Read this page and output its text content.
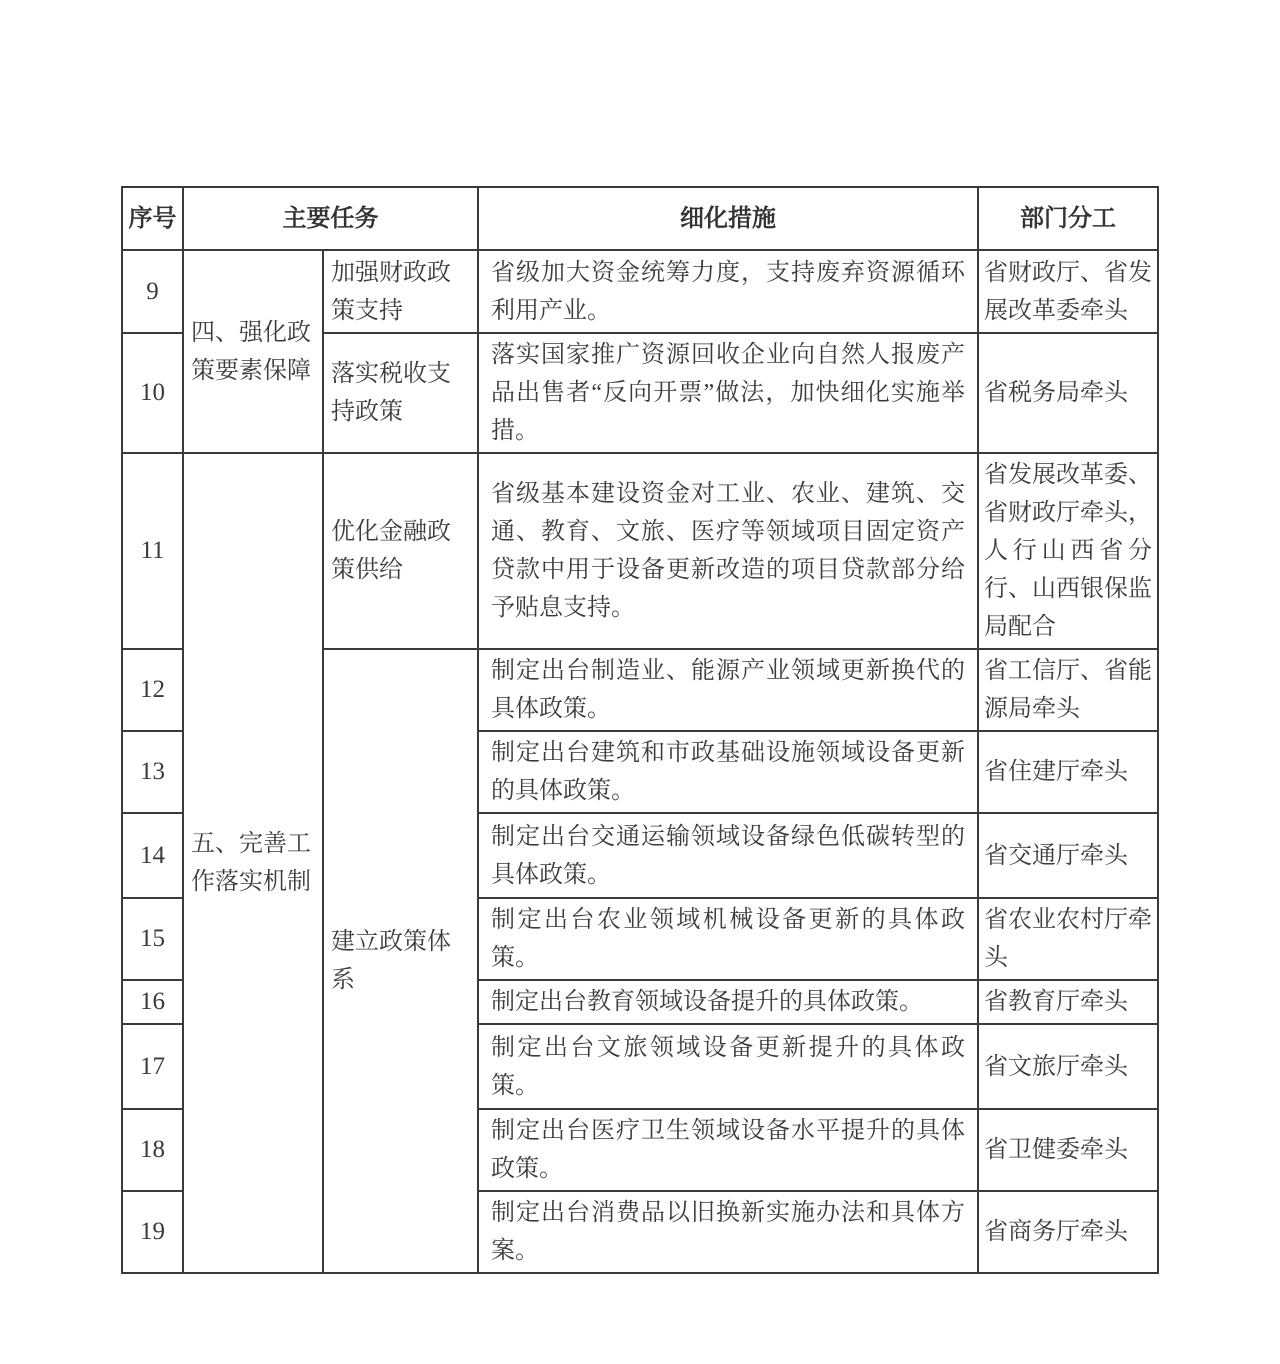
序号	主要任务		细化措施	部门分工
9	四、强化政策要素保障	加强财政政策支持	省级加大资金统筹力度，支持废弃资源循环利用产业。	省财政厅、省发展改革委牵头
10		落实税收支持政策	落实国家推广资源回收企业向自然人报废产品出售者“反向开票”做法，加快细化实施举措。	省税务局牵头
11	五、完善工作落实机制	优化金融政策供给	省级基本建设资金对工业、农业、建筑、交通、教育、文旅、医疗等领域项目固定资产贷款中用于设备更新改造的项目贷款部分给予贴息支持。	省发展改革委、省财政厅牵头，人行山西省分行、山西银保监局配合
12		建立政策体系	制定出台制造业、能源产业领域更新换代的具体政策。	省工信厅、省能源局牵头
13			制定出台建筑和市政基础设施领域设备更新的具体政策。	省住建厅牵头
14			制定出台交通运输领域设备绿色低碳转型的具体政策。	省交通厅牵头
15			制定出台农业领域机械设备更新的具体政策。	省农业农村厅牵头
16			制定出台教育领域设备提升的具体政策。	省教育厅牵头
17			制定出台文旅领域设备更新提升的具体政策。	省文旅厅牵头
18			制定出台医疗卫生领域设备水平提升的具体政策。	省卫健委牵头
19			制定出台消费品以旧换新实施办法和具体方案。	省商务厅牵头
